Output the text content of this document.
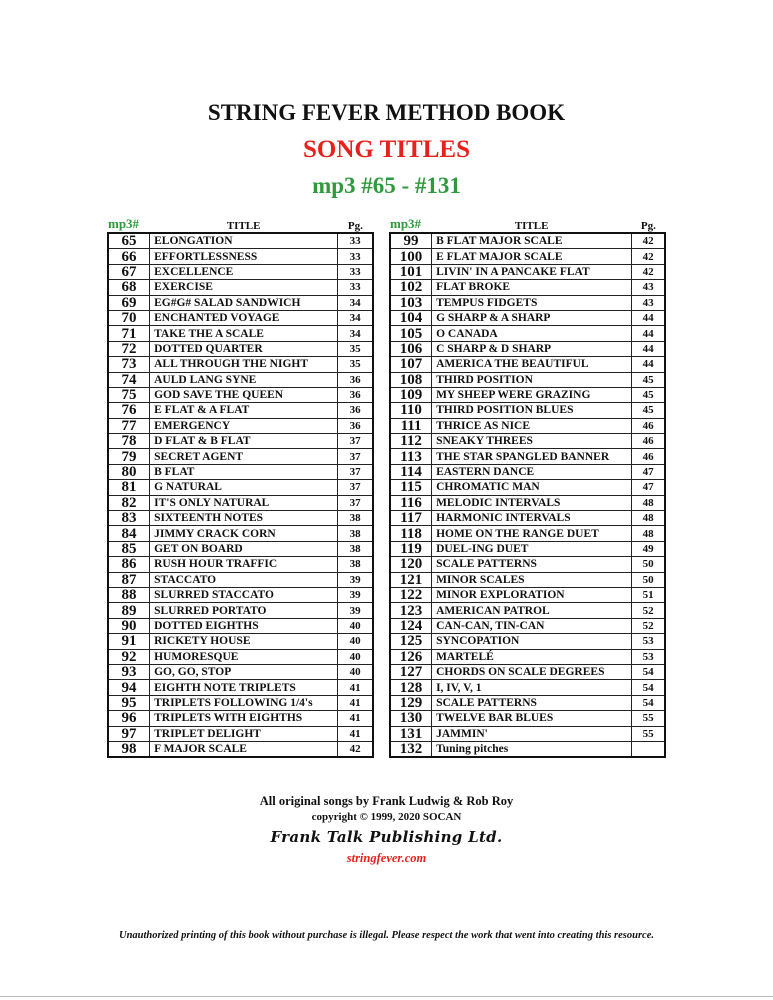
STRING FEVER METHOD BOOK
SONG TITLES
mp3 #65 - #131
mp3#	TITLE	Pg.
65	ELONGATION	33
66	EFFORTLESSNESS	33
67	EXCELLENCE	33
68	EXERCISE	33
69	EG#G# SALAD SANDWICH	34
70	ENCHANTED VOYAGE	34
71	TAKE THE A SCALE	34
72	DOTTED QUARTER	35
73	ALL THROUGH THE NIGHT	35
74	AULD LANG SYNE	36
75	GOD SAVE THE QUEEN	36
76	E FLAT & A FLAT	36
77	EMERGENCY	36
78	D FLAT & B FLAT	37
79	SECRET AGENT	37
80	B FLAT	37
81	G NATURAL	37
82	IT'S ONLY NATURAL	37
83	SIXTEENTH NOTES	38
84	JIMMY CRACK CORN	38
85	GET ON BOARD	38
86	RUSH HOUR TRAFFIC	38
87	STACCATO	39
88	SLURRED STACCATO	39
89	SLURRED PORTATO	39
90	DOTTED EIGHTHS	40
91	RICKETY HOUSE	40
92	HUMORESQUE	40
93	GO, GO, STOP	40
94	EIGHTH NOTE TRIPLETS	41
95	TRIPLETS FOLLOWING 1/4's	41
96	TRIPLETS WITH EIGHTHS	41
97	TRIPLET DELIGHT	41
98	F MAJOR SCALE	42
mp3#	TITLE	Pg.
99	B FLAT MAJOR SCALE	42
100	E FLAT MAJOR SCALE	42
101	LIVIN' IN A PANCAKE FLAT	42
102	FLAT BROKE	43
103	TEMPUS FIDGETS	43
104	G SHARP & A SHARP	44
105	O CANADA	44
106	C SHARP & D SHARP	44
107	AMERICA THE BEAUTIFUL	44
108	THIRD POSITION	45
109	MY SHEEP WERE GRAZING	45
110	THIRD POSITION BLUES	45
111	THRICE AS NICE	46
112	SNEAKY THREES	46
113	THE STAR SPANGLED BANNER	46
114	EASTERN DANCE	47
115	CHROMATIC MAN	47
116	MELODIC INTERVALS	48
117	HARMONIC INTERVALS	48
118	HOME ON THE RANGE DUET	48
119	DUEL-ING DUET	49
120	SCALE PATTERNS	50
121	MINOR SCALES	50
122	MINOR EXPLORATION	51
123	AMERICAN PATROL	52
124	CAN-CAN, TIN-CAN	52
125	SYNCOPATION	53
126	MARTELÉ	53
127	CHORDS ON SCALE DEGREES	54
128	I, IV, V, 1	54
129	SCALE PATTERNS	54
130	TWELVE BAR BLUES	55
131	JAMMIN'	55
132	Tuning pitches	
All original songs by Frank Ludwig & Rob Roy
copyright © 1999, 2020 SOCAN
Frank Talk Publishing Ltd.
stringfever.com
Unauthorized printing of this book without purchase is illegal. Please respect the work that went into creating this resource.
